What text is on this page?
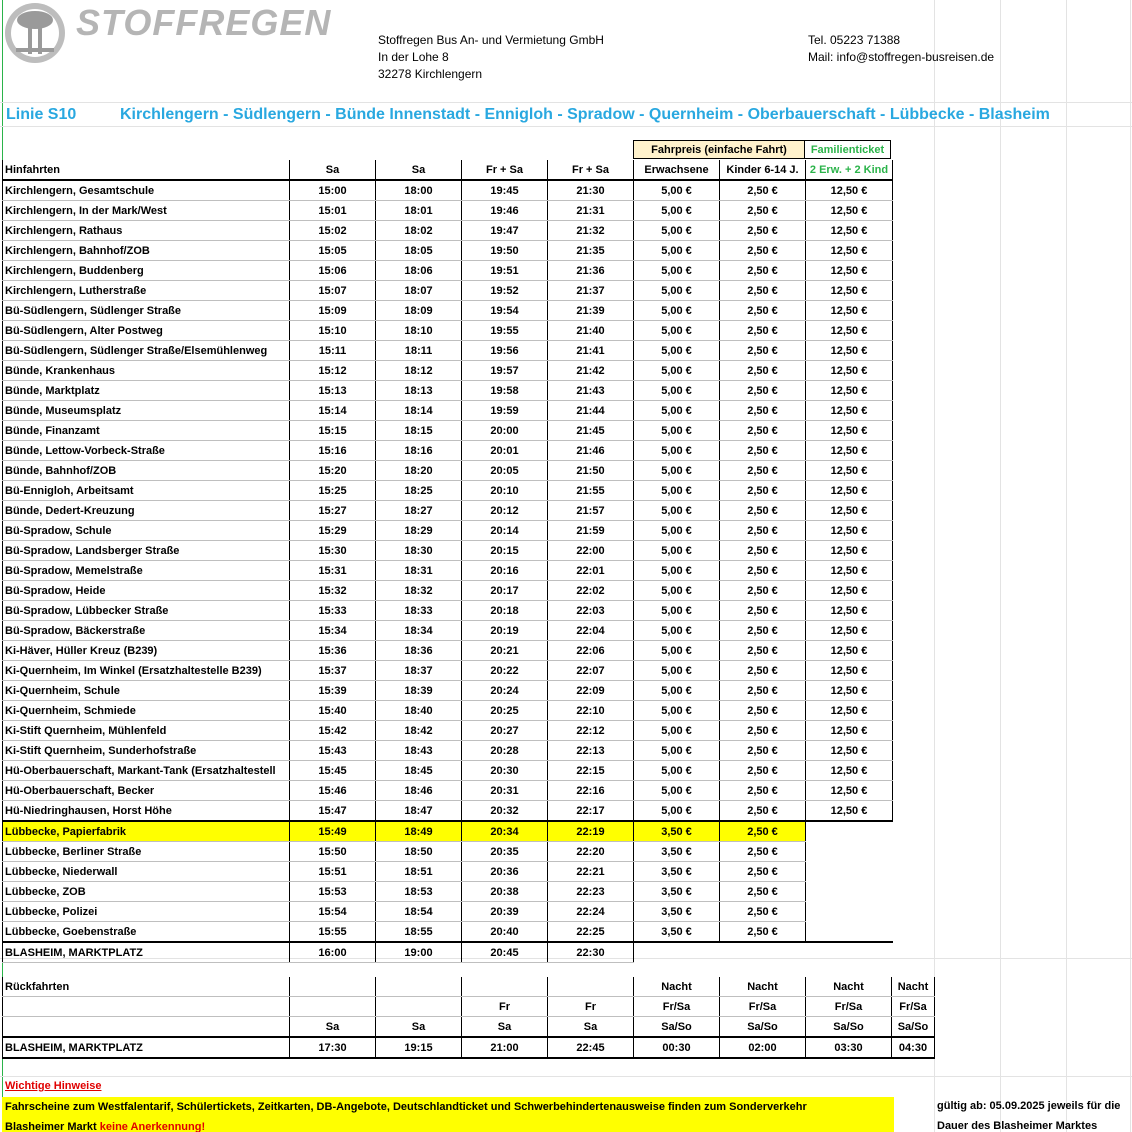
STOFFREGEN	Stoffregen Bus An- und Vermietung GmbH
In der Lohe 8
32278 Kirchlengern
Tel. 05223 71388
Mail: info@stoffregen-busreisen.de
Linie S10	Kirchlengern - Südlengern - Bünde Innenstadt - Ennigloh - Spradow - Quernheim - Oberbauerschaft - Lübbecke - Blasheim
Fahrpreis (einfache Fahrt)	Familienticket
Hinfahrten	Sa	Sa	Fr + Sa	Fr + Sa	Erwachsene	Kinder 6-14 J.	2 Erw. + 2 Kind
Kirchlengern, Gesamtschule	15:00	18:00	19:45	21:30	5,00 €	2,50 €	12,50 €
Kirchlengern, In der Mark/West	15:01	18:01	19:46	21:31	5,00 €	2,50 €	12,50 €
Kirchlengern, Rathaus	15:02	18:02	19:47	21:32	5,00 €	2,50 €	12,50 €
Kirchlengern, Bahnhof/ZOB	15:05	18:05	19:50	21:35	5,00 €	2,50 €	12,50 €
Kirchlengern, Buddenberg	15:06	18:06	19:51	21:36	5,00 €	2,50 €	12,50 €
Kirchlengern, Lutherstraße	15:07	18:07	19:52	21:37	5,00 €	2,50 €	12,50 €
Bü-Südlengern, Südlenger Straße	15:09	18:09	19:54	21:39	5,00 €	2,50 €	12,50 €
Bü-Südlengern, Alter Postweg	15:10	18:10	19:55	21:40	5,00 €	2,50 €	12,50 €
Bü-Südlengern, Südlenger Straße/Elsemühlenweg	15:11	18:11	19:56	21:41	5,00 €	2,50 €	12,50 €
Bünde, Krankenhaus	15:12	18:12	19:57	21:42	5,00 €	2,50 €	12,50 €
Bünde, Marktplatz	15:13	18:13	19:58	21:43	5,00 €	2,50 €	12,50 €
Bünde, Museumsplatz	15:14	18:14	19:59	21:44	5,00 €	2,50 €	12,50 €
Bünde, Finanzamt	15:15	18:15	20:00	21:45	5,00 €	2,50 €	12,50 €
Bünde, Lettow-Vorbeck-Straße	15:16	18:16	20:01	21:46	5,00 €	2,50 €	12,50 €
Bünde, Bahnhof/ZOB	15:20	18:20	20:05	21:50	5,00 €	2,50 €	12,50 €
Bü-Ennigloh, Arbeitsamt	15:25	18:25	20:10	21:55	5,00 €	2,50 €	12,50 €
Bünde, Dedert-Kreuzung	15:27	18:27	20:12	21:57	5,00 €	2,50 €	12,50 €
Bü-Spradow, Schule	15:29	18:29	20:14	21:59	5,00 €	2,50 €	12,50 €
Bü-Spradow, Landsberger Straße	15:30	18:30	20:15	22:00	5,00 €	2,50 €	12,50 €
Bü-Spradow, Memelstraße	15:31	18:31	20:16	22:01	5,00 €	2,50 €	12,50 €
Bü-Spradow, Heide	15:32	18:32	20:17	22:02	5,00 €	2,50 €	12,50 €
Bü-Spradow, Lübbecker Straße	15:33	18:33	20:18	22:03	5,00 €	2,50 €	12,50 €
Bü-Spradow, Bäckerstraße	15:34	18:34	20:19	22:04	5,00 €	2,50 €	12,50 €
Ki-Häver, Hüller Kreuz (B239)	15:36	18:36	20:21	22:06	5,00 €	2,50 €	12,50 €
Ki-Quernheim, Im Winkel (Ersatzhaltestelle B239)	15:37	18:37	20:22	22:07	5,00 €	2,50 €	12,50 €
Ki-Quernheim, Schule	15:39	18:39	20:24	22:09	5,00 €	2,50 €	12,50 €
Ki-Quernheim, Schmiede	15:40	18:40	20:25	22:10	5,00 €	2,50 €	12,50 €
Ki-Stift Quernheim, Mühlenfeld	15:42	18:42	20:27	22:12	5,00 €	2,50 €	12,50 €
Ki-Stift Quernheim, Sunderhofstraße	15:43	18:43	20:28	22:13	5,00 €	2,50 €	12,50 €
Hü-Oberbauerschaft, Markant-Tank (Ersatzhaltestell	15:45	18:45	20:30	22:15	5,00 €	2,50 €	12,50 €
Hü-Oberbauerschaft, Becker	15:46	18:46	20:31	22:16	5,00 €	2,50 €	12,50 €
Hü-Niedringhausen, Horst Höhe	15:47	18:47	20:32	22:17	5,00 €	2,50 €	12,50 €
Lübbecke, Papierfabrik	15:49	18:49	20:34	22:19	3,50 €	2,50 €	
Lübbecke, Berliner Straße	15:50	18:50	20:35	22:20	3,50 €	2,50 €	
Lübbecke, Niederwall	15:51	18:51	20:36	22:21	3,50 €	2,50 €	
Lübbecke, ZOB	15:53	18:53	20:38	22:23	3,50 €	2,50 €	
Lübbecke, Polizei	15:54	18:54	20:39	22:24	3,50 €	2,50 €	
Lübbecke, Goebenstraße	15:55	18:55	20:40	22:25	3,50 €	2,50 €	
BLASHEIM, MARKTPLATZ	16:00	19:00	20:45	22:30			
Rückfahrten					Nacht	Nacht	Nacht	Nacht
			Fr	Fr	Fr/Sa	Fr/Sa	Fr/Sa	Fr/Sa
	Sa	Sa	Sa	Sa	Sa/So	Sa/So	Sa/So	Sa/So
BLASHEIM, MARKTPLATZ	17:30	19:15	21:00	22:45	00:30	02:00	03:30	04:30
Wichtige Hinweise
Fahrscheine zum Westfalentarif, Schülertickets, Zeitkarten, DB-Angebote, Deutschlandticket und Schwerbehindertenausweise finden zum Sonderverkehr
Blasheimer Markt keine Anerkennung!
gültig ab: 05.09.2025 jeweils für die
Dauer des Blasheimer Marktes
